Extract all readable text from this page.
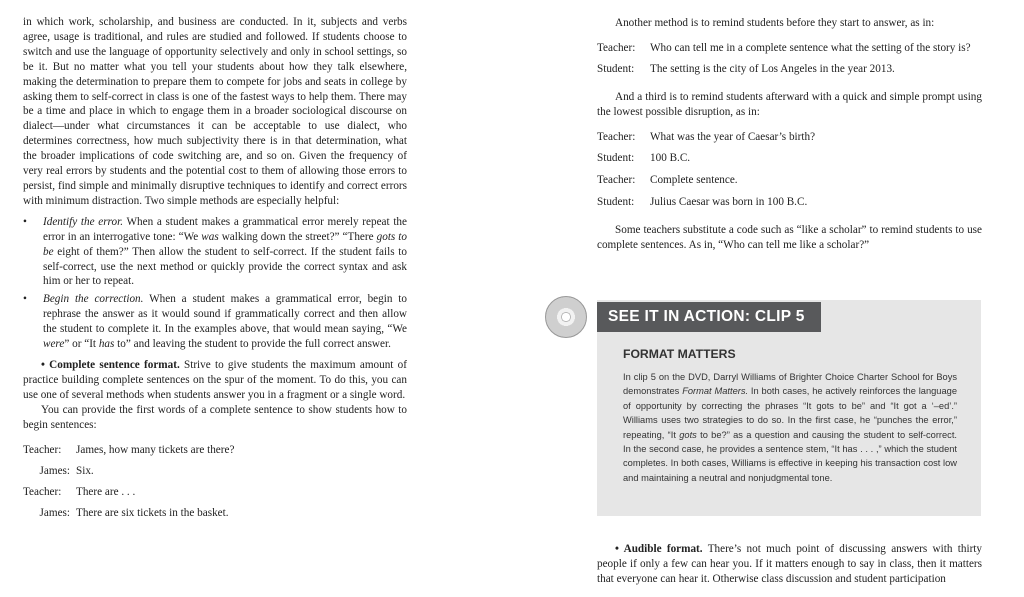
in which work, scholarship, and business are conducted. In it, subjects and verbs agree, usage is traditional, and rules are studied and followed. If students choose to switch and use the language of opportunity selectively and only in school settings, so be it. But no matter what you tell your students about how they talk elsewhere, making the determination to prepare them to compete for jobs and seats in college by asking them to self-correct in class is one of the fastest ways to help them. There may be a time and place in which to engage them in a broader sociological discourse on dialect—under what circumstances it can be acceptable to use dialect, who determines correctness, how much subjectivity there is in that determination, what the broader implications of code switching are, and so on. Given the frequency of very real errors by students and the potential cost to them of allowing those errors to persist, find simple and minimally disruptive techniques to identify and correct errors with minimum distraction. Two simple methods are especially helpful:

• Identify the error. When a student makes a grammatical error merely repeat the error in an interrogative tone: “We was walking down the street?” “There gots to be eight of them?” Then allow the student to self-correct. If the student fails to self-correct, use the next method or quickly provide the correct syntax and ask him or her to repeat.
• Begin the correction. When a student makes a grammatical error, begin to rephrase the answer as it would sound if grammatically correct and then allow the student to complete it. In the examples above, that would mean saying, “We were” or “It has to” and leaving the student to provide the full correct answer.

• Complete sentence format. Strive to give students the maximum amount of practice building complete sentences on the spur of the moment. To do this, you can use one of several methods when students answer you in a fragment or a single word.

You can provide the first words of a complete sentence to show students how to begin sentences:

Teacher:	James, how many tickets are there?
James: Six.
Teacher:	There are . . .
James: There are six tickets in the basket.

Another method is to remind students before they start to answer, as in:

Teacher:	Who can tell me in a complete sentence what the setting of the story is?
Student:	The setting is the city of Los Angeles in the year 2013.

And a third is to remind students afterward with a quick and simple prompt using the lowest possible disruption, as in:

Teacher:	What was the year of Caesar’s birth?
Student:	100 B.C.
Teacher:	Complete sentence.
Student:	Julius Caesar was born in 100 B.C.

Some teachers substitute a code such as “like a scholar” to remind students to use complete sentences. As in, “Who can tell me like a scholar?”

SEE IT IN ACTION: CLIP 5
FORMAT MATTERS

In clip 5 on the DVD, Darryl Williams of Brighter Choice Charter School for Boys demonstrates Format Matters. In both cases, he actively reinforces the language of opportunity by correcting the phrases “It gots to be” and “It got a ‘–ed’.” Williams uses two strategies to do so. In the first case, he “punches the error,” repeating, “It gots to be?” as a question and causing the student to self-correct. In the second case, he provides a sentence stem, “It has . . . ,” which the student completes. In both cases, Williams is effective in keeping his transaction cost low and maintaining a neutral and nonjudgmental tone.

• Audible format. There’s not much point of discussing answers with thirty people if only a few can hear you. If it matters enough to say in class, then it matters that everyone can hear it. Otherwise class discussion and student participation
